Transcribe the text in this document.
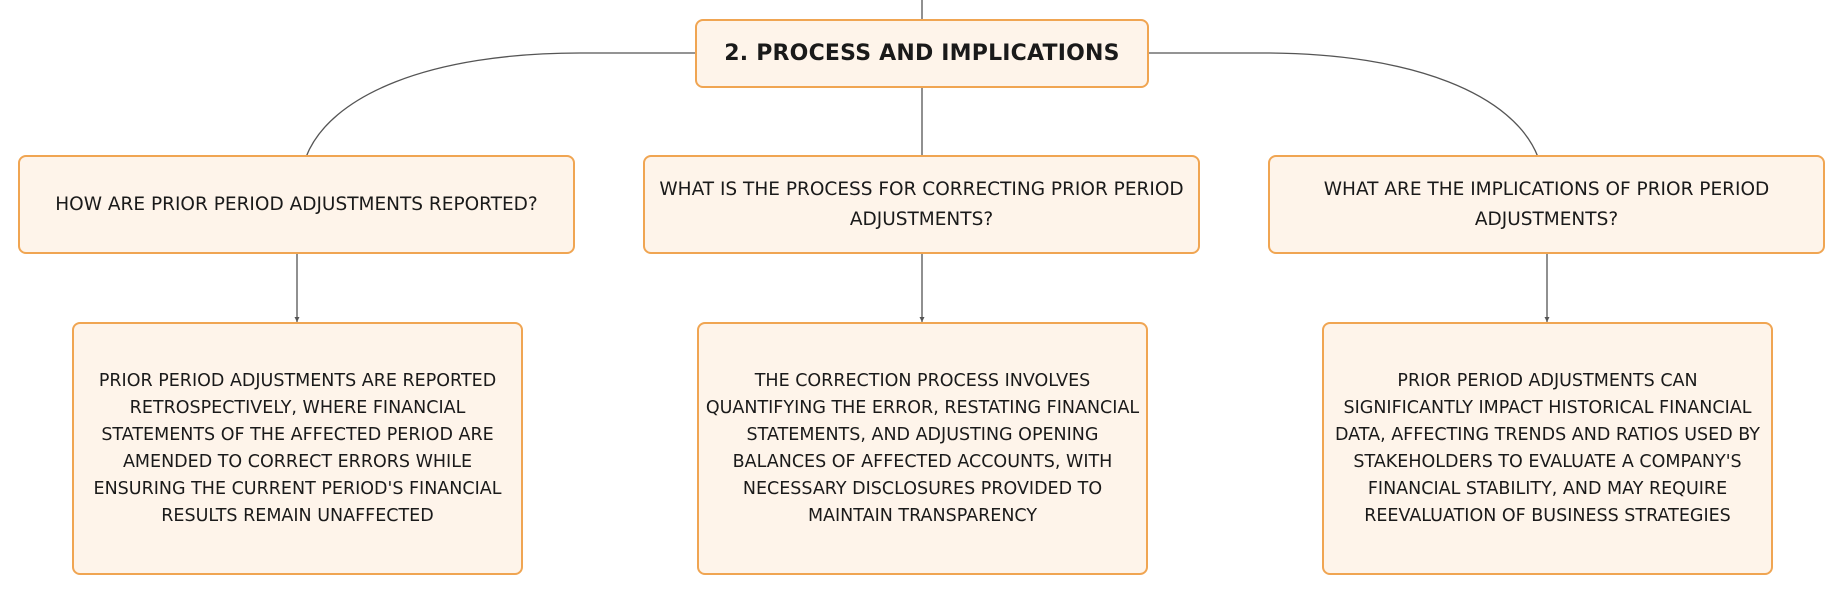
2. PROCESS AND IMPLICATIONS
HOW ARE PRIOR PERIOD ADJUSTMENTS REPORTED?
WHAT IS THE PROCESS FOR CORRECTING PRIOR PERIOD ADJUSTMENTS?
WHAT ARE THE IMPLICATIONS OF PRIOR PERIOD ADJUSTMENTS?
PRIOR PERIOD ADJUSTMENTS ARE REPORTED RETROSPECTIVELY, WHERE FINANCIAL STATEMENTS OF THE AFFECTED PERIOD ARE AMENDED TO CORRECT ERRORS WHILE ENSURING THE CURRENT PERIOD'S FINANCIAL RESULTS REMAIN UNAFFECTED
THE CORRECTION PROCESS INVOLVES QUANTIFYING THE ERROR, RESTATING FINANCIAL STATEMENTS, AND ADJUSTING OPENING BALANCES OF AFFECTED ACCOUNTS, WITH NECESSARY DISCLOSURES PROVIDED TO MAINTAIN TRANSPARENCY
PRIOR PERIOD ADJUSTMENTS CAN SIGNIFICANTLY IMPACT HISTORICAL FINANCIAL DATA, AFFECTING TRENDS AND RATIOS USED BY STAKEHOLDERS TO EVALUATE A COMPANY'S FINANCIAL STABILITY, AND MAY REQUIRE REEVALUATION OF BUSINESS STRATEGIES
